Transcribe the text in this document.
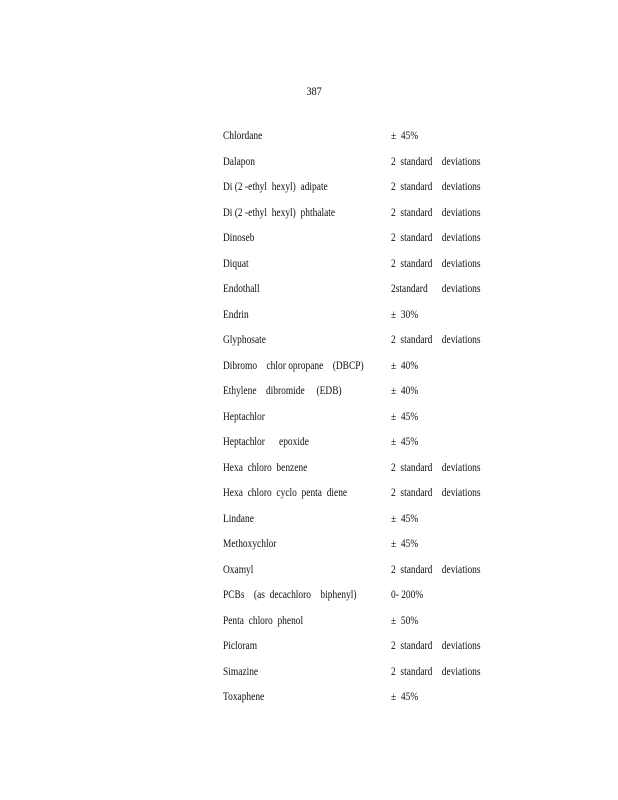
387
Chlordane	±  45%
Dalapon	2  standard    deviations
Di (2 -ethyl  hexyl)  adipate	2  standard    deviations
Di (2 -ethyl  hexyl)  phthalate	2  standard    deviations
Dinoseb	2  standard    deviations
Diquat	2  standard    deviations
Endothall	2standard      deviations
Endrin	±  30%
Glyphosate	2  standard    deviations
Dibromo    chlor opropane    (DBCP) ±  40%
Ethylene    dibromide     (EDB)	±  40%
Heptachlor	±  45%
Heptachlor      epoxide	±  45%
Hexa  chloro  benzene	2  standard    deviations
Hexa  chloro  cyclo  penta  diene	2  standard    deviations
Lindane	±  45%
Methoxychlor	±  45%
Oxamyl	2  standard    deviations
PCBs    (as  decachloro    biphenyl)	0- 200%
Penta  chloro  phenol	±  50%
Picloram	2  standard    deviations
Simazine	2  standard    deviations
Toxaphene	±  45%
